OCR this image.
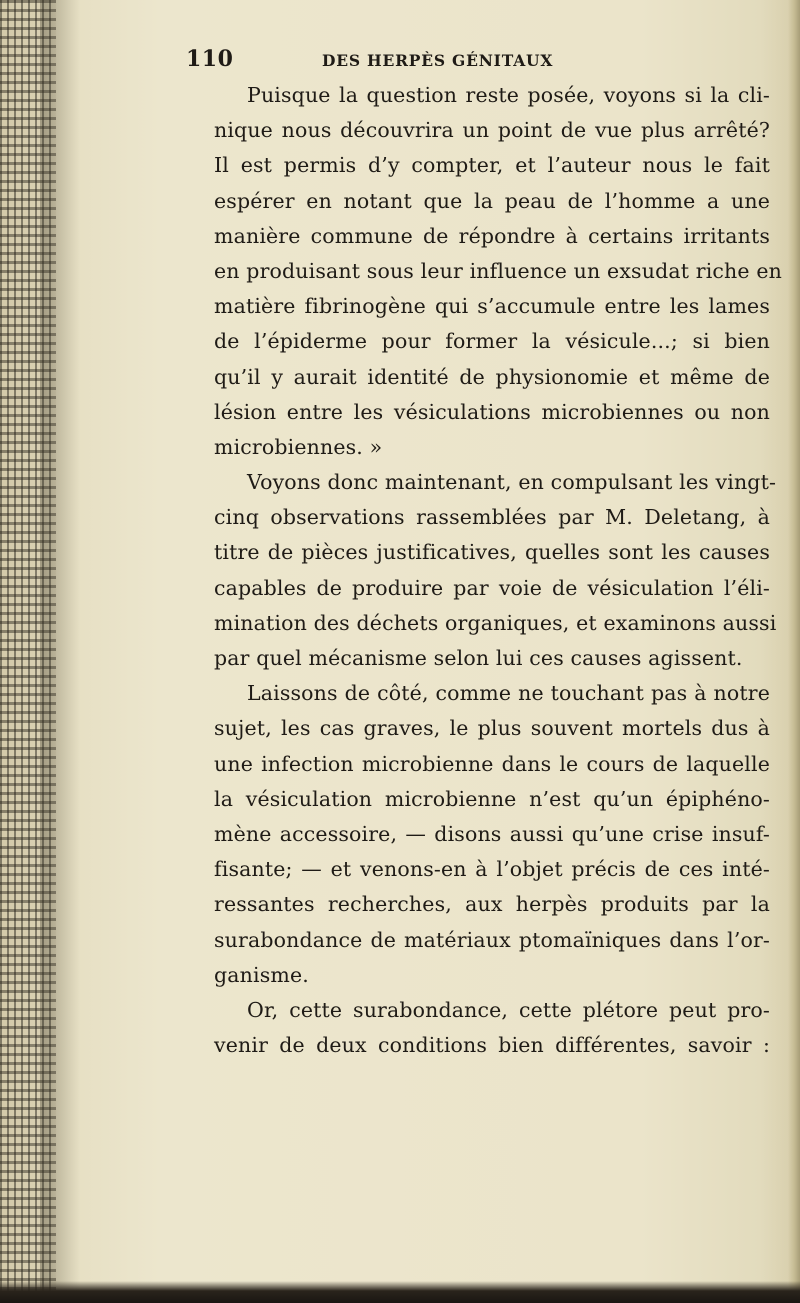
110	DES HERPÈS GÉNITAUX
Puisque la question reste posée, voyons si la cli-
nique nous découvrira un point de vue plus arrêté?
Il est permis d’y compter, et l’auteur nous le fait
espérer en notant que la peau de l’homme a une
manière commune de répondre à certains irritants
en produisant sous leur influence un exsudat riche en
matière fibrinogène qui s’accumule entre les lames
de l’épiderme pour former la vésicule...; si bien
qu’il y aurait identité de physionomie et même de
lésion entre les vésiculations microbiennes ou non
microbiennes. »
Voyons donc maintenant, en compulsant les vingt-
cinq observations rassemblées par M. Deletang, à
titre de pièces justificatives, quelles sont les causes
capables de produire par voie de vésiculation l’éli-
mination des déchets organiques, et examinons aussi
par quel mécanisme selon lui ces causes agissent.
Laissons de côté, comme ne touchant pas à notre
sujet, les cas graves, le plus souvent mortels dus à
une infection microbienne dans le cours de laquelle
la vésiculation microbienne n’est qu’un épiphéno-
mène accessoire, — disons aussi qu’une crise insuf-
fisante; — et venons-en à l’objet précis de ces inté-
ressantes recherches, aux herpès produits par la
surabondance de matériaux ptomaïniques dans l’or-
ganisme.
Or, cette surabondance, cette plétore peut pro-
venir de deux conditions bien différentes, savoir :
